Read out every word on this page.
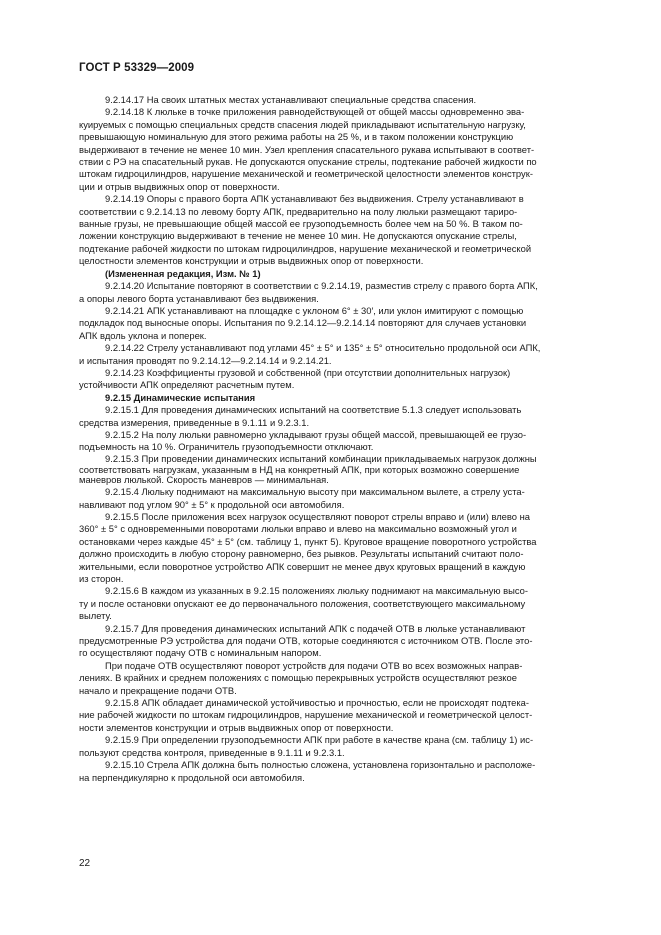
ГОСТ Р 53329—2009
9.2.14.17 На своих штатных местах устанавливают специальные средства спасения.
9.2.14.18 К люльке в точке приложения равнодействующей от общей массы одновременно эва-
куируемых с помощью специальных средств спасения людей прикладывают испытательную нагрузку,
превышающую номинальную для этого режима работы на 25 %, и в таком положении конструкцию
выдерживают в течение не менее 10 мин. Узел крепления спасательного рукава испытывают в соответ-
ствии с РЭ на спасательный рукав. Не допускаются опускание стрелы, подтекание рабочей жидкости по
штокам гидроцилиндров, нарушение механической и геометрической целостности элементов конструк-
ции и отрыв выдвижных опор от поверхности.
9.2.14.19 Опоры с правого борта АПК устанавливают без выдвижения. Стрелу устанавливают в
соответствии с 9.2.14.13 по левому борту АПК, предварительно на полу люльки размещают тариро-
ванные грузы, не превышающие общей массой ее грузоподъемность более чем на 50 %. В таком по-
ложении конструкцию выдерживают в течение не менее 10 мин. Не допускаются опускание стрелы,
подтекание рабочей жидкости по штокам гидроцилиндров, нарушение механической и геометрической
целостности элементов конструкции и отрыв выдвижных опор от поверхности.
(Измененная редакция, Изм. № 1)
9.2.14.20 Испытание повторяют в соответствии с 9.2.14.19, разместив стрелу с правого борта АПК,
а опоры левого борта устанавливают без выдвижения.
9.2.14.21 АПК устанавливают на площадке с уклоном 6° ± 30′, или уклон имитируют с помощью
подкладок под выносные опоры. Испытания по 9.2.14.12—9.2.14.14 повторяют для случаев установки
АПК вдоль уклона и поперек.
9.2.14.22 Стрелу устанавливают под углами 45° ± 5° и 135° ± 5° относительно продольной оси АПК,
и испытания проводят по 9.2.14.12—9.2.14.14 и 9.2.14.21.
9.2.14.23 Коэффициенты грузовой и собственной (при отсутствии дополнительных нагрузок)
устойчивости АПК определяют расчетным путем.
9.2.15 Динамические испытания
9.2.15.1 Для проведения динамических испытаний на соответствие 5.1.3 следует использовать
средства измерения, приведенные в 9.1.11 и 9.2.3.1.
9.2.15.2 На полу люльки равномерно укладывают грузы общей массой, превышающей ее грузо-
подъемность на 10 %. Ограничитель грузоподъемности отключают.
9.2.15.3 При проведении динамических испытаний комбинации прикладываемых нагрузок должны
соответствовать нагрузкам, указанным в НД на конкретный АПК, при которых возможно совершение
маневров люлькой. Скорость маневров — минимальная.
9.2.15.4 Люльку поднимают на максимальную высоту при максимальном вылете, а стрелу уста-
навливают под углом 90° ± 5° к продольной оси автомобиля.
9.2.15.5 После приложения всех нагрузок осуществляют поворот стрелы вправо и (или) влево на
360° ± 5° с одновременными поворотами люльки вправо и влево на максимально возможный угол и
остановками через каждые 45° ± 5° (см. таблицу 1, пункт 5). Круговое вращение поворотного устройства
должно происходить в любую сторону равномерно, без рывков. Результаты испытаний считают поло-
жительными, если поворотное устройство АПК совершит не менее двух круговых вращений в каждую
из сторон.
9.2.15.6 В каждом из указанных в 9.2.15 положениях люльку поднимают на максимальную высо-
ту и после остановки опускают ее до первоначального положения, соответствующего максимальному
вылету.
9.2.15.7 Для проведения динамических испытаний АПК с подачей ОТВ в люльке устанавливают
предусмотренные РЭ устройства для подачи ОТВ, которые соединяются с источником ОТВ. После это-
го осуществляют подачу ОТВ с номинальным напором.
При подаче ОТВ осуществляют поворот устройств для подачи ОТВ во всех возможных направ-
лениях. В крайних и среднем положениях с помощью перекрывных устройств осуществляют резкое
начало и прекращение подачи ОТВ.
9.2.15.8 АПК обладает динамической устойчивостью и прочностью, если не происходят подтека-
ние рабочей жидкости по штокам гидроцилиндров, нарушение механической и геометрической целост-
ности элементов конструкции и отрыв выдвижных опор от поверхности.
9.2.15.9 При определении грузоподъемности АПК при работе в качестве крана (см. таблицу 1) ис-
пользуют средства контроля, приведенные в 9.1.11 и 9.2.3.1.
9.2.15.10 Стрела АПК должна быть полностью сложена, установлена горизонтально и расположе-
на перпендикулярно к продольной оси автомобиля.
22
